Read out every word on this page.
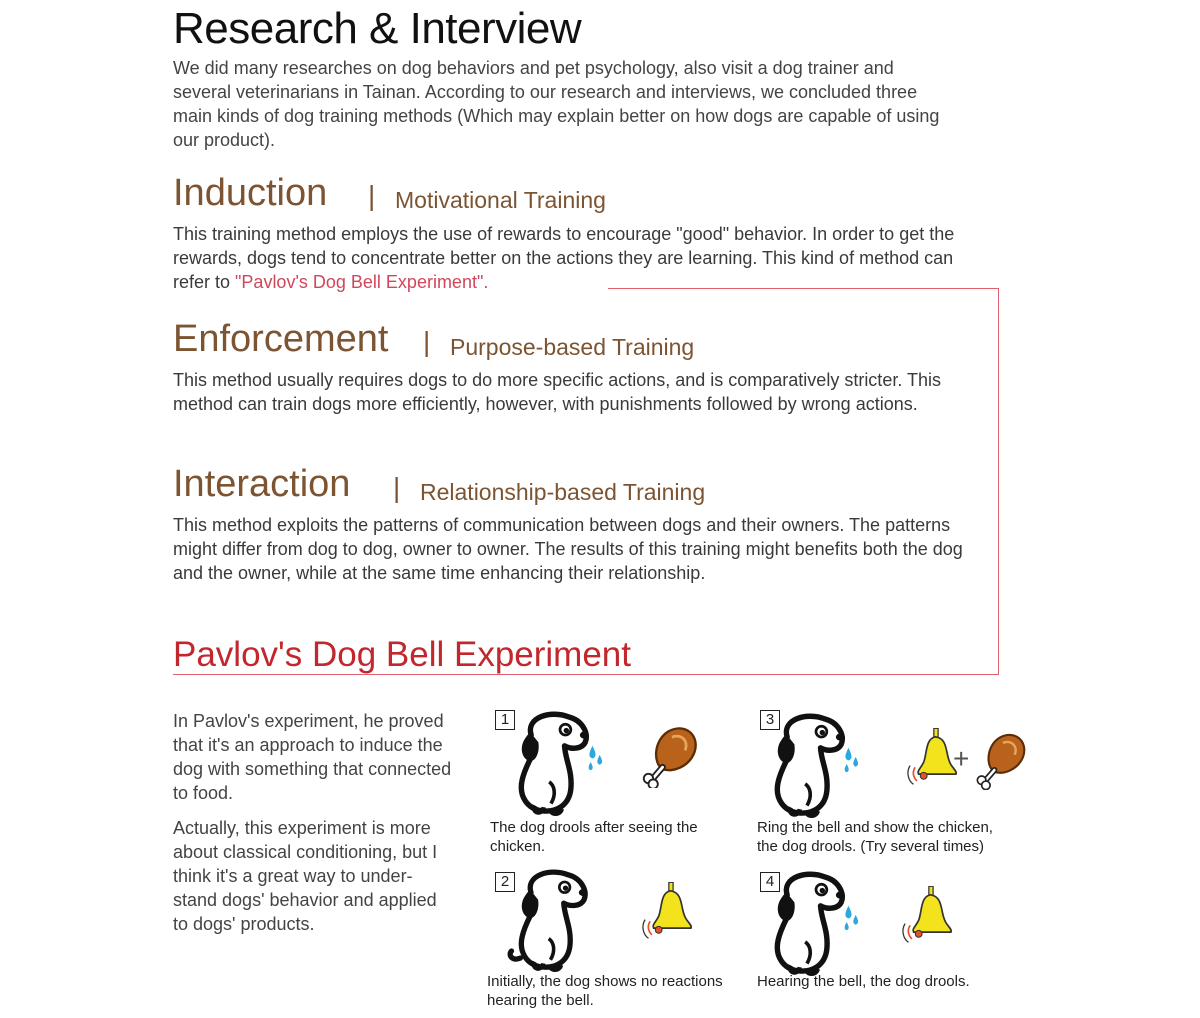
Research & Interview
We did many researches on dog behaviors and pet psychology, also visit a dog trainer and several veterinarians in Tainan. According to our research and interviews, we concluded three main kinds of dog training methods (Which may explain better on how dogs are capable of using our product).
Induction | Motivational Training
This training method employs the use of rewards to encourage "good" behavior. In order to get the rewards, dogs tend to concentrate better on the actions they are learning. This kind of method can refer to "Pavlov's Dog Bell Experiment".
Enforcement | Purpose-based Training
This method usually requires dogs to do more specific actions, and is comparatively stricter. This method can train dogs more efficiently, however, with punishments followed by wrong actions.
Interaction | Relationship-based Training
This method exploits the patterns of communication between dogs and their owners. The patterns might differ from dog to dog, owner to owner. The results of this training might benefits both the dog and the owner, while at the same time enhancing their relationship.
Pavlov's Dog Bell Experiment
In Pavlov's experiment, he proved that it's an approach to induce the dog with something that connected to food.
Actually, this experiment is more about classical conditioning, but I think it's a great way to under-stand dogs' behavior and applied to dogs' products.
1
The dog drools after seeing the chicken.
3
+
Ring the bell and show the chicken, the dog drools. (Try several times)
2
Initially, the dog shows no reactions hearing the bell.
4
Hearing the bell, the dog drools.
